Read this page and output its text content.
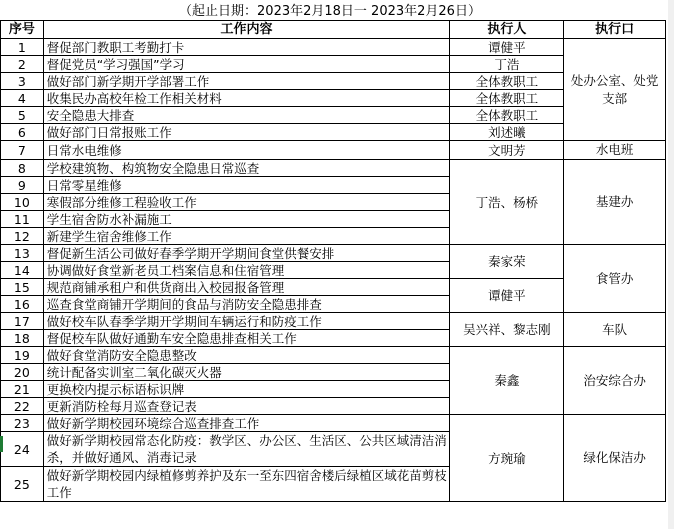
（起止日期：2023年2月18日一 2023年2月26日）
序号	工作内容	执行人	执行口
1	督促部门教职工考勤打卡	谭健平	处办公室、处党支部
2	督促党员“学习强国”学习	丁浩	
3	做好部门新学期开学部署工作	全体教职工	
4	收集民办高校年检工作相关材料	全体教职工	
5	安全隐患大排查	全体教职工	
6	做好部门日常报账工作	刘述曦	
7	日常水电维修	文明芳	水电班
8	学校建筑物、构筑物安全隐患日常巡查	丁浩、杨桥	基建办
9	日常零星维修		
10	寒假部分维修工程验收工作		
11	学生宿舍防水补漏施工		
12	新建学生宿舍维修工作		
13	督促新生活公司做好春季学期开学期间食堂供餐安排	秦家荣	食管办
14	协调做好食堂新老员工档案信息和住宿管理		
15	规范商铺承租户和供货商出入校园报备管理	谭健平	
16	巡查食堂商铺开学期间的食品与消防安全隐患排查		
17	做好校车队春季学期开学期间车辆运行和防疫工作	吴兴祥、黎志刚	车队
18	督促校车队做好通勤车安全隐患排查相关工作		
19	做好食堂消防安全隐患整改	秦鑫	治安综合办
20	统计配备实训室二氧化碳灭火器		
21	更换校内提示标语标识牌		
22	更新消防栓每月巡查登记表		
23	做好新学期校园环境综合巡查排查工作	方琬瑜	绿化保洁办
24	做好新学期校园常态化防疫：教学区、办公区、生活区、公共区域清洁消杀，并做好通风、消毒记录		
25	做好新学期校园内绿植修剪养护及东一至东四宿舍楼后绿植区域花苗剪枝工作		
